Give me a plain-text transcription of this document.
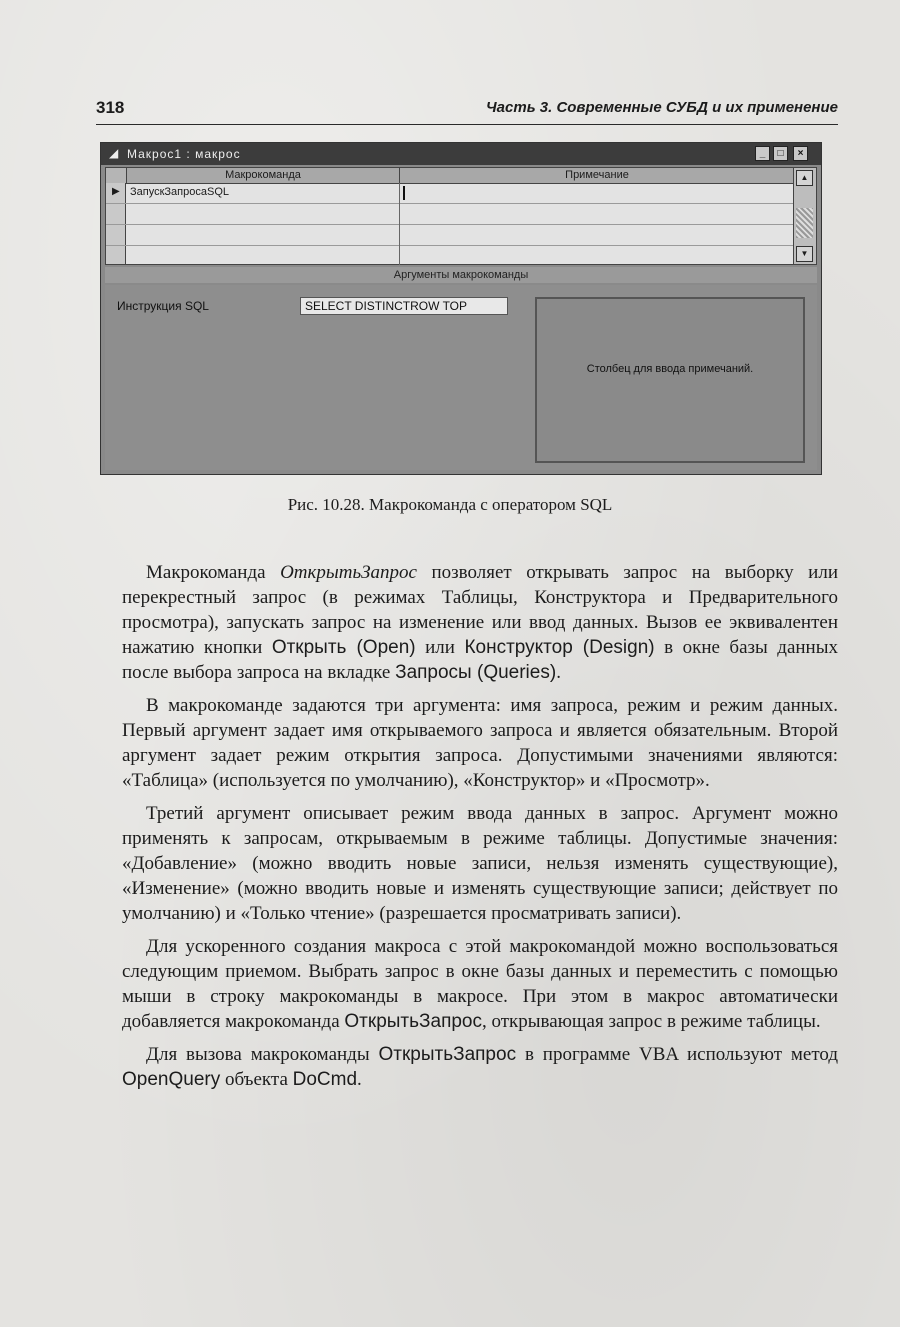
318	Часть 3. Современные СУБД и их применение
◢ Макрос1 : макрос	_	□	×
Макрокоманда	Примечание
▶ ЗапускЗапросаSQL
▲
▼
Аргументы макрокоманды
Инструкция SQL	SELECT DISTINCTROW TOP
Столбец для ввода примечаний.
Рис. 10.28. Макрокоманда с оператором SQL

Макрокоманда ОткрытьЗапрос позволяет открывать запрос на выборку или перекрестный запрос (в режимах Таблицы, Конструктора и Предварительного просмотра), запускать запрос на изменение или ввод данных. Вызов ее эквивалентен нажатию кнопки Открыть (Open) или Конструктор (Design) в окне базы данных после выбора запроса на вкладке Запросы (Queries).

В макрокоманде задаются три аргумента: имя запроса, режим и режим данных. Первый аргумент задает имя открываемого запроса и является обязательным. Второй аргумент задает режим открытия запроса. Допустимыми значениями являются: «Таблица» (используется по умолчанию), «Конструктор» и «Просмотр».

Третий аргумент описывает режим ввода данных в запрос. Аргумент можно применять к запросам, открываемым в режиме таблицы. Допустимые значения: «Добавление» (можно вводить новые записи, нельзя изменять существующие), «Изменение» (можно вводить новые и изменять существующие записи; действует по умолчанию) и «Только чтение» (разрешается просматривать записи).

Для ускоренного создания макроса с этой макрокомандой можно воспользоваться следующим приемом. Выбрать запрос в окне базы данных и переместить с помощью мыши в строку макрокоманды в макросе. При этом в макрос автоматически добавляется макрокоманда ОткрытьЗапрос, открывающая запрос в режиме таблицы.

Для вызова макрокоманды ОткрытьЗапрос в программе VBA используют метод OpenQuery объекта DoCmd.
